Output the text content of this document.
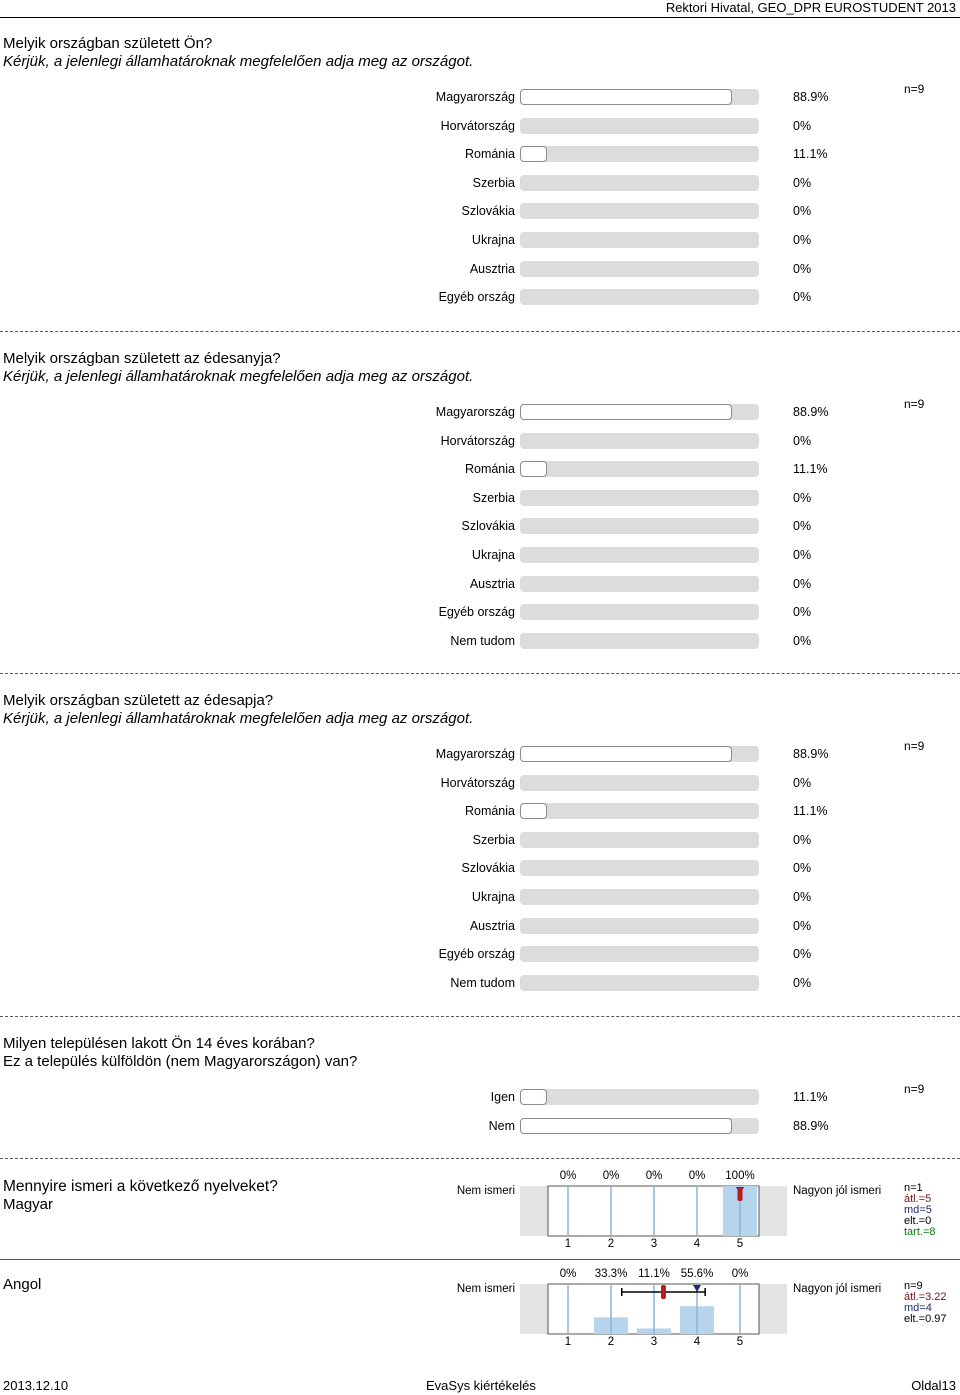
Rektori Hivatal, GEO_DPR EUROSTUDENT 2013
Melyik országban született Ön?
Kérjük, a jelenlegi államhatároknak megfelelően adja meg az országot.
n=9
Magyarország	88.9%
Horvátország	0%
Románia	11.1%
Szerbia	0%
Szlovákia	0%
Ukrajna	0%
Ausztria	0%
Egyéb ország	0%
Melyik országban született az édesanyja?
Kérjük, a jelenlegi államhatároknak megfelelően adja meg az országot.
n=9
Magyarország	88.9%
Horvátország	0%
Románia	11.1%
Szerbia	0%
Szlovákia	0%
Ukrajna	0%
Ausztria	0%
Egyéb ország	0%
Nem tudom	0%
Melyik országban született az édesapja?
Kérjük, a jelenlegi államhatároknak megfelelően adja meg az országot.
n=9
Magyarország	88.9%
Horvátország	0%
Románia	11.1%
Szerbia	0%
Szlovákia	0%
Ukrajna	0%
Ausztria	0%
Egyéb ország	0%
Nem tudom	0%
Milyen településen lakott Ön 14 éves korában?
Ez a település külföldön (nem Magyarországon) van?
n=9
Igen	11.1%
Nem	88.9%
Mennyire ismeri a következő nyelveket?
Magyar
Angol
Nem ismeri	Nagyon jól ismeri
0%
1
0%
2
0%
3
0%
4
100%
5
n=1
átl.=5
md=5
elt.=0
tart.=8
Nem ismeri	Nagyon jól ismeri
0%
1
33.3%
2
11.1%
3
55.6%
4
0%
5
n=9
átl.=3.22
md=4
elt.=0.97
2013.12.10	EvaSys kiértékelés	Oldal13
